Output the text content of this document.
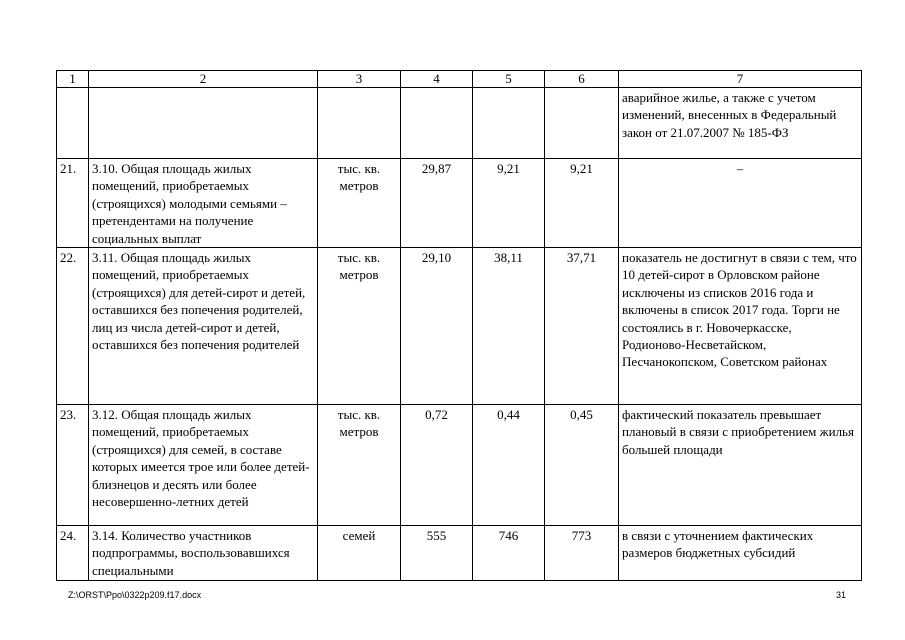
1	2	3	4	5	6	7
						аварийное жилье, а также с учетом изменений, внесенных в Федеральный закон от 21.07.2007 № 185-ФЗ
21.	3.10. Общая площадь жилых помещений, приобретаемых (строящихся) молодыми семьями – претендентами на получение социальных выплат	тыс. кв. метров	29,87	9,21	9,21	–
22.	3.11. Общая площадь жилых помещений, приобретаемых (строящихся) для детей-сирот и детей, оставшихся без попечения родителей, лиц из числа детей-сирот и детей, оставшихся без попечения родителей	тыс. кв. метров	29,10	38,11	37,71	показатель не достигнут в связи с тем, что 10 детей-сирот в Орловском районе исключены из списков 2016 года и включены в список 2017 года. Торги не состоялись в г. Новочеркасске, Родионово-Несветайском, Песчанокопском, Советском районах
23.	3.12. Общая площадь жилых помещений, приобретаемых (строящихся) для семей, в составе которых имеется трое или более детей-близнецов и десять или более несовершенно-летних детей	тыс. кв. метров	0,72	0,44	0,45	фактический показатель превышает плановый в связи с приобретением жилья большей площади
24.	3.14. Количество участников подпрограммы, воспользовавшихся специальными	семей	555	746	773	в связи с уточнением фактических размеров бюджетных субсидий
Z:\ORST\Ppo\0322p209.f17.docx	31
